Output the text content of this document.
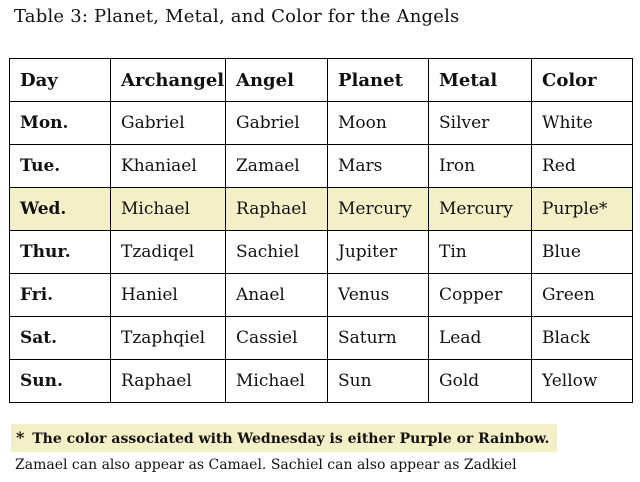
Table 3: Planet, Metal, and Color for the Angels
Day	Archangel	Angel	Planet	Metal	Color
Mon.	Gabriel	Gabriel	Moon	Silver	White
Tue.	Khaniael	Zamael	Mars	Iron	Red
Wed.	Michael	Raphael	Mercury	Mercury	Purple*
Thur.	Tzadiqel	Sachiel	Jupiter	Tin	Blue
Fri.	Haniel	Anael	Venus	Copper	Green
Sat.	Tzaphqiel	Cassiel	Saturn	Lead	Black
Sun.	Raphael	Michael	Sun	Gold	Yellow
* The color associated with Wednesday is either Purple or Rainbow.
Zamael can also appear as Camael. Sachiel can also appear as Zadkiel
